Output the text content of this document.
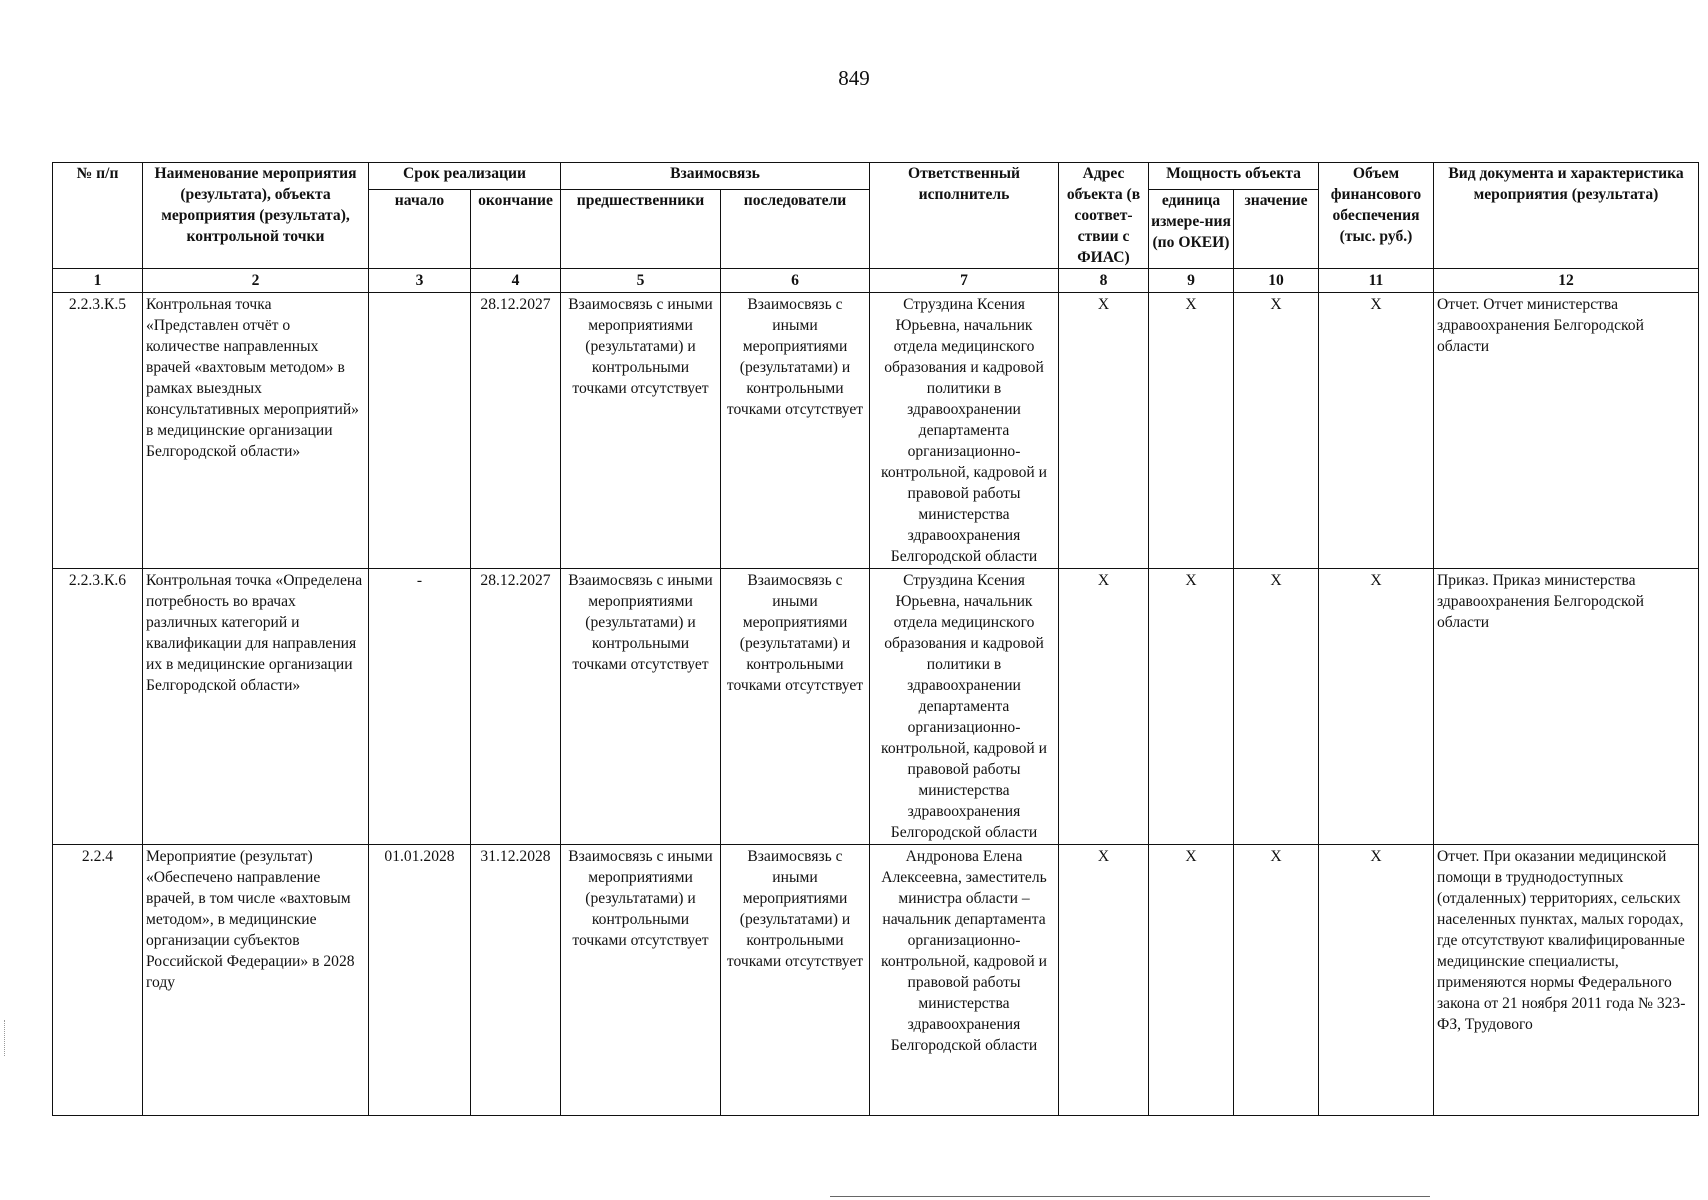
849
№ п/п	Наименование мероприятия (результата), объекта мероприятия (результата), контрольной точки	Срок реализации		Взаимосвязь		Ответственный исполнитель	Адрес объекта (в соответ-ствии с ФИАС)	Мощность объекта		Объем финансового обеспечения (тыс. руб.)	Вид документа и характеристика мероприятия (результата)
		начало	окончание	предшественники	последователи			единица измере-ния (по ОКЕИ)	значение		
1	2	3	4	5	6	7	8	9	10	11	12
2.2.3.К.5	Контрольная точка «Представлен отчёт о количестве направленных врачей «вахтовым методом» в рамках выездных консультативных мероприятий» в медицинские организации Белгородской области»		28.12.2027	Взаимосвязь с иными мероприятиями (результатами) и контрольными точками отсутствует	Взаимосвязь с иными мероприятиями (результатами) и контрольными точками отсутствует	Струздина Ксения Юрьевна, начальник отдела медицинского образования и кадровой политики в здравоохранении департамента организационно-контрольной, кадровой и правовой работы министерства здравоохранения Белгородской области	X	X	X	X	Отчет. Отчет министерства здравоохранения Белгородской области
2.2.3.К.6	Контрольная точка «Определена потребность во врачах различных категорий и квалификации для направления их в медицинские организации Белгородской области»	-	28.12.2027	Взаимосвязь с иными мероприятиями (результатами) и контрольными точками отсутствует	Взаимосвязь с иными мероприятиями (результатами) и контрольными точками отсутствует	Струздина Ксения Юрьевна, начальник отдела медицинского образования и кадровой политики в здравоохранении департамента организационно-контрольной, кадровой и правовой работы министерства здравоохранения Белгородской области	X	X	X	X	Приказ. Приказ министерства здравоохранения Белгородской области
2.2.4	Мероприятие (результат) «Обеспечено направление врачей, в том числе «вахтовым методом», в медицинские организации субъектов Российской Федерации» в 2028 году	01.01.2028	31.12.2028	Взаимосвязь с иными мероприятиями (результатами) и контрольными точками отсутствует	Взаимосвязь с иными мероприятиями (результатами) и контрольными точками отсутствует	Андронова Елена Алексеевна, заместитель министра области – начальник департамента организационно-контрольной, кадровой и правовой работы министерства здравоохранения Белгородской области	X	X	X	X	Отчет. При оказании медицинской помощи в труднодоступных (отдаленных) территориях, сельских населенных пунктах, малых городах, где отсутствуют квалифицированные медицинские специалисты, применяются нормы Федерального закона от 21 ноября 2011 года № 323-ФЗ, Трудового
